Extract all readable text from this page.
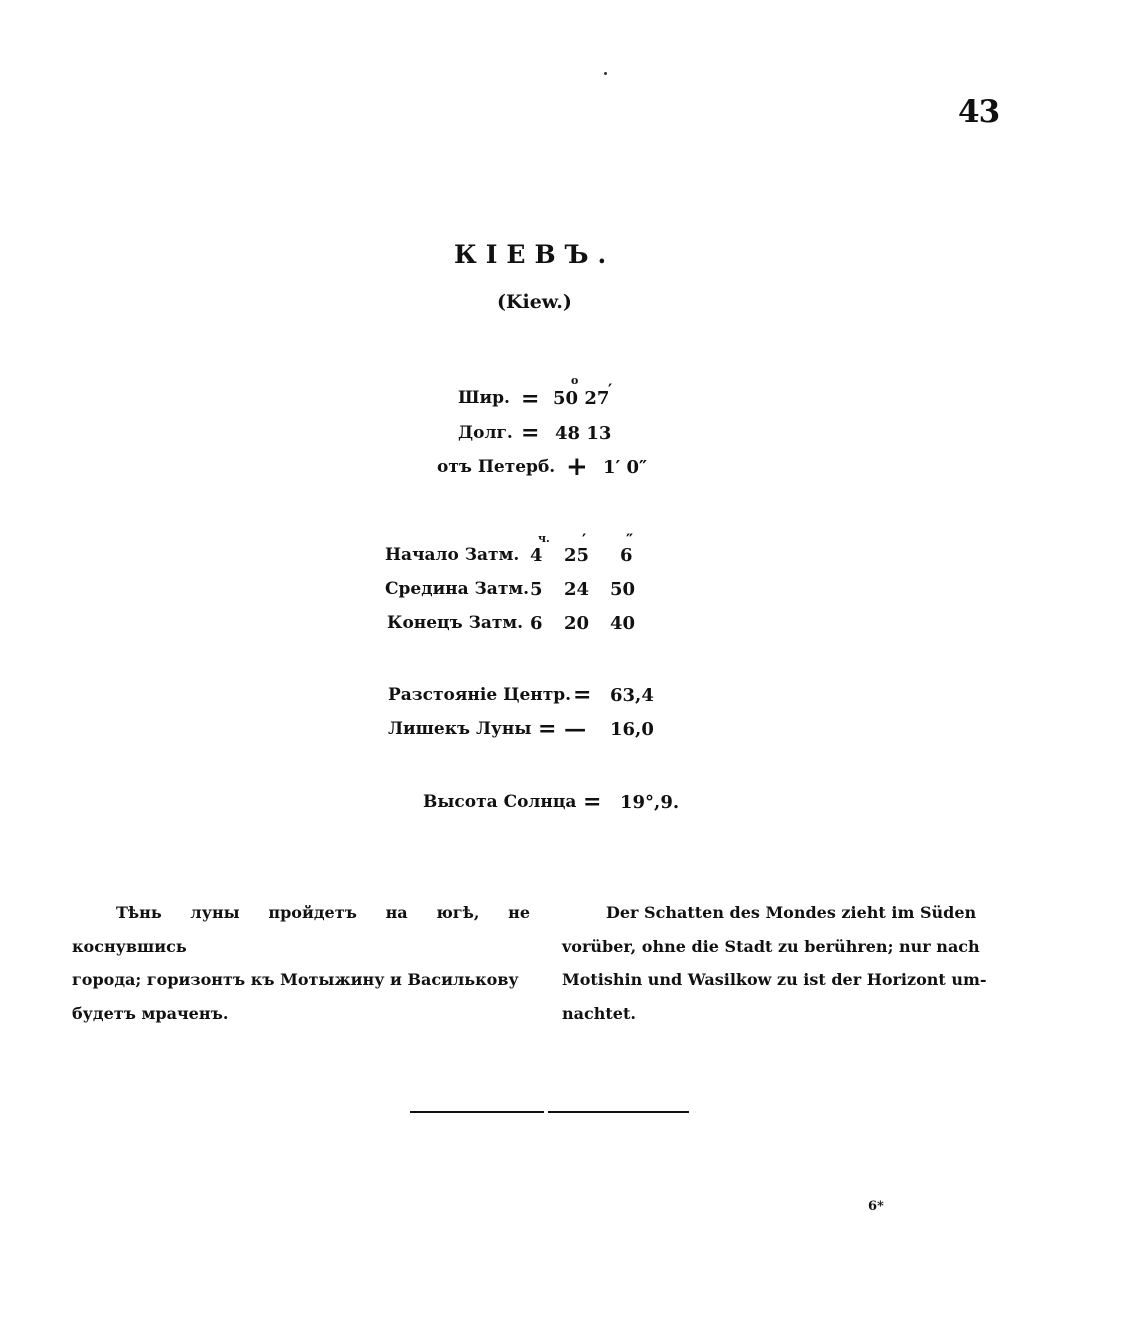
43
КІЕВЪ.
(Kiew.)
Шир. = 50 27
o ′
Долг. = 48 13
отъ Петерб. + 1′ 0″
ч. ′ ″
Начало Затм. 4 25 6
Средина Затм. 5 24 50
Конецъ Затм. 6 20 40
Разстояніе Центр. = 63,4
Лишекъ Луны = — 16,0
Высота Солнца = 19°,9.
Тѣнь луны пройдетъ на югѣ, не коснувшись
города; горизонтъ къ Мотыжину и Василькову
будетъ мраченъ.
Der Schatten des Mondes zieht im Süden
vorüber, ohne die Stadt zu berühren; nur nach
Motishin und Wasilkow zu ist der Horizont um-
nachtet.
6*
